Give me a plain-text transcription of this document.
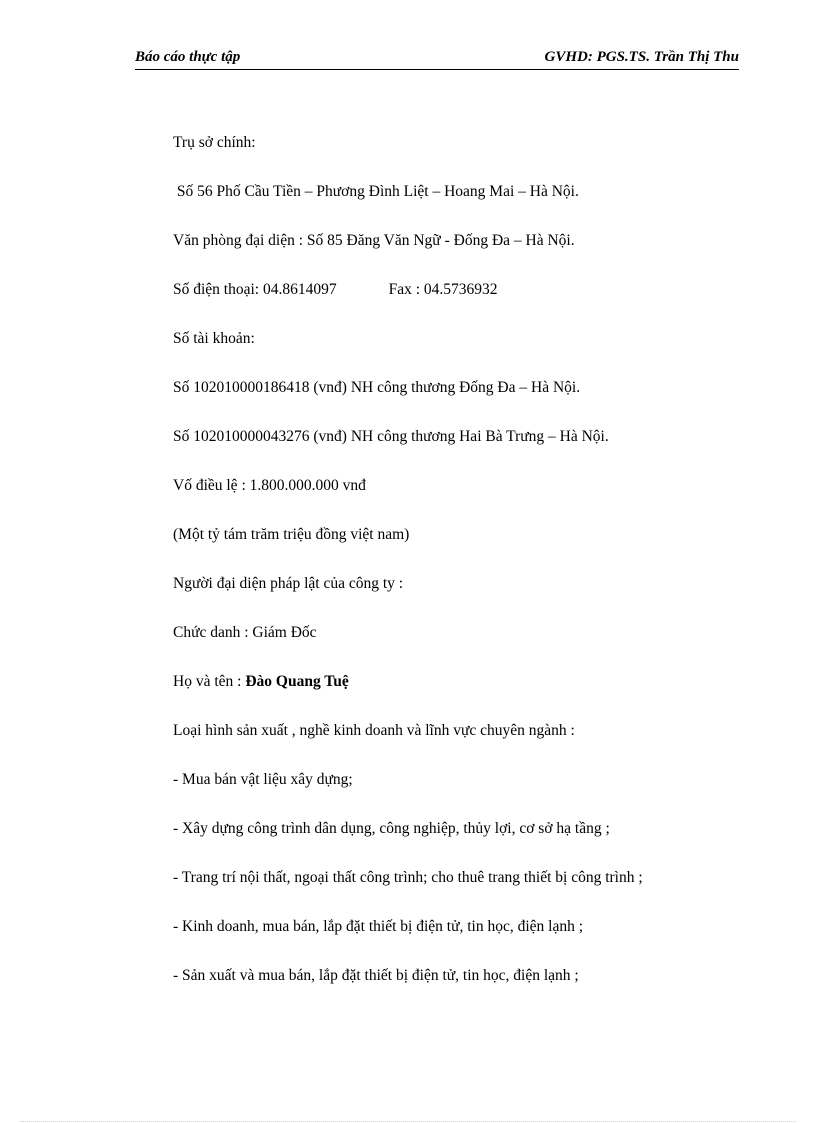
Báo cáo thực tập	GVHD: PGS.TS. Trần Thị Thu
Trụ sở chính:
Số 56 Phố Cầu Tiền – Phương Đình Liệt – Hoang Mai – Hà Nội.
Văn phòng đại diện : Số 85 Đăng Văn Ngữ - Đống Đa – Hà Nội.
Số điện thoại: 04.8614097	Fax : 04.5736932
Số tài khoản:
Số 102010000186418 (vnđ) NH công thương Đống Đa – Hà Nội.
Số 102010000043276 (vnđ) NH công thương Hai Bà Trưng – Hà Nội.
Vố điều lệ : 1.800.000.000 vnđ
(Một tỷ tám trăm triệu đồng việt nam)
Người đại diện pháp lật của công ty :
Chức danh : Giám Đốc
Họ và tên : Đào Quang Tuệ
Loại hình sản xuất , nghề kinh doanh và lĩnh vực chuyên ngành :
- Mua bán vật liệu xây dựng;
- Xây dựng công trình dân dụng, công nghiệp, thủy lợi, cơ sở hạ tầng ;
- Trang trí nội thất, ngoại thất công trình; cho thuê trang thiết bị công trình ;
- Kinh doanh, mua bán, lắp đặt thiết bị điện tử, tin học, điện lạnh ;
- Sản xuất và mua bán, lắp đặt thiết bị điện tử, tin học, điện lạnh ;
